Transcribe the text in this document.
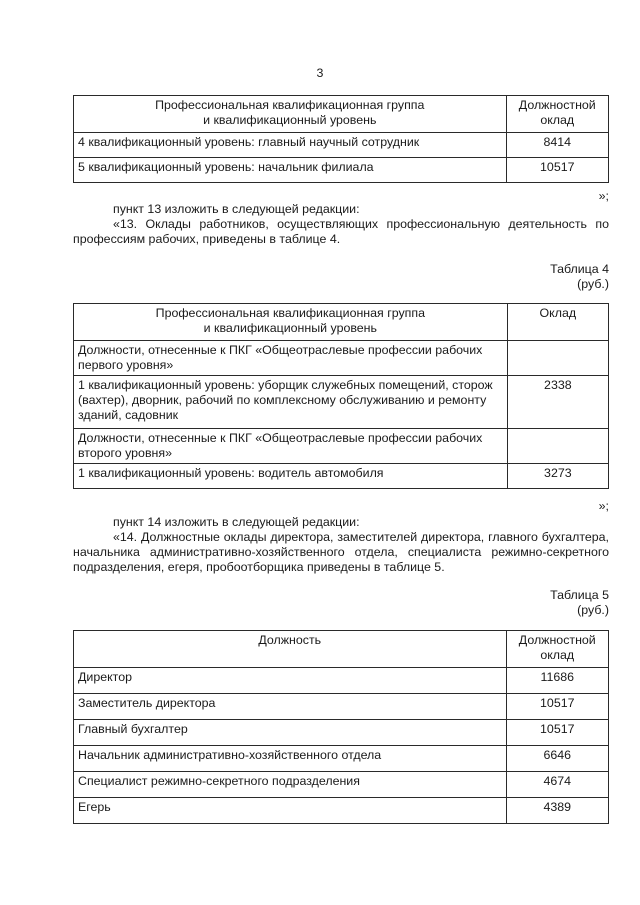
3
Профессиональная квалификационная группа
и квалификационный уровень	Должностной
оклад
4 квалификационный уровень: главный научный сотрудник	8414
5 квалификационный уровень: начальник филиала	10517
»;
пункт 13 изложить в следующей редакции:
«13. Оклады работников, осуществляющих профессиональную деятельность по профессиям рабочих, приведены в таблице 4.
Таблица 4
(руб.)
Профессиональная квалификационная группа
и квалификационный уровень	Оклад
Должности, отнесенные к ПКГ «Общеотраслевые профессии рабочих первого уровня»	
1 квалификационный уровень: уборщик служебных помещений, сторож (вахтер), дворник, рабочий по комплексному обслуживанию и ремонту зданий, садовник	2338
Должности, отнесенные к ПКГ «Общеотраслевые профессии рабочих второго уровня»	
1 квалификационный уровень: водитель автомобиля	3273
»;
пункт 14 изложить в следующей редакции:
«14. Должностные оклады директора, заместителей директора, главного бухгалтера, начальника административно-хозяйственного отдела, специалиста режимно-секретного подразделения, егеря, пробоотборщика приведены в таблице 5.
Таблица 5
(руб.)
Должность	Должностной
оклад
Директор	11686
Заместитель директора	10517
Главный бухгалтер	10517
Начальник административно-хозяйственного отдела	6646
Специалист режимно-секретного подразделения	4674
Егерь	4389
